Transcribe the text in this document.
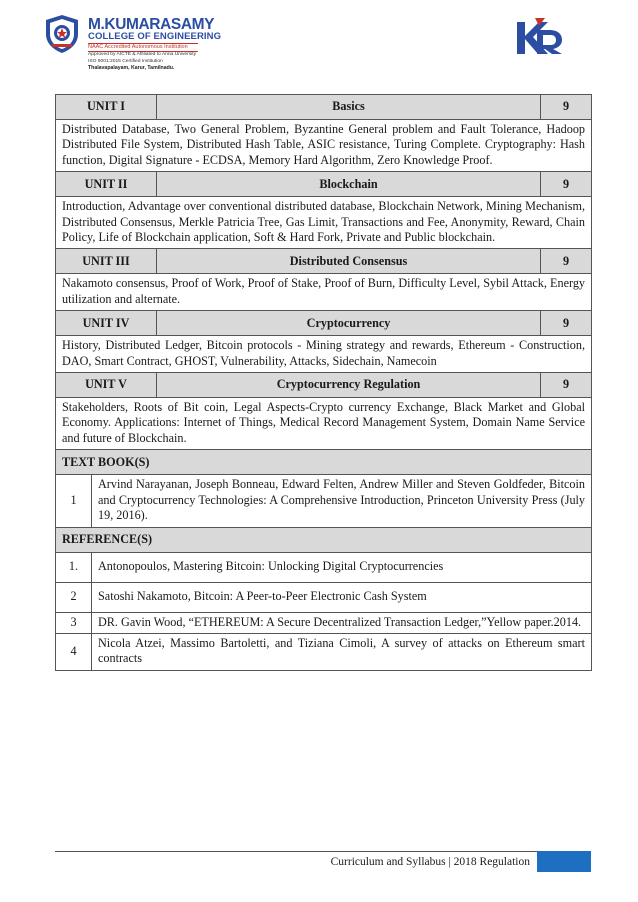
M.KUMARASAMY
COLLEGE OF ENGINEERING
NAAC Accredited Autonomous Institution
Approved by AICTE & Affiliated to Anna University
ISO 9001:2015 Certified Institution
Thalavapalayam, Karur, Tamilnadu.
UNIT I		Basics	9
Distributed Database, Two General Problem, Byzantine General problem and Fault Tolerance, Hadoop Distributed File System, Distributed Hash Table, ASIC resistance, Turing Complete. Cryptography: Hash function, Digital Signature - ECDSA, Memory Hard Algorithm, Zero Knowledge Proof.			
UNIT II		Blockchain	9
Introduction, Advantage over conventional distributed database, Blockchain Network, Mining Mechanism, Distributed Consensus, Merkle Patricia Tree, Gas Limit, Transactions and Fee, Anonymity, Reward, Chain Policy, Life of Blockchain application, Soft & Hard Fork, Private and Public blockchain.			
UNIT III		Distributed Consensus	9
Nakamoto consensus, Proof of Work, Proof of Stake, Proof of Burn, Difficulty Level, Sybil Attack, Energy utilization and alternate.			
UNIT IV		Cryptocurrency	9
History, Distributed Ledger, Bitcoin protocols - Mining strategy and rewards, Ethereum - Construction, DAO, Smart Contract, GHOST, Vulnerability, Attacks, Sidechain, Namecoin			
UNIT V		Cryptocurrency Regulation	9
Stakeholders, Roots of Bit coin, Legal Aspects-Crypto currency Exchange, Black Market and Global Economy. Applications: Internet of Things, Medical Record Management System, Domain Name Service and future of Blockchain.			
TEXT BOOK(S)			
1	Arvind Narayanan, Joseph Bonneau, Edward Felten, Andrew Miller and Steven Goldfeder, Bitcoin and Cryptocurrency Technologies: A Comprehensive Introduction, Princeton University Press (July 19, 2016).		
REFERENCE(S)			
1.	Antonopoulos, Mastering Bitcoin: Unlocking Digital Cryptocurrencies		
2	Satoshi Nakamoto, Bitcoin: A Peer-to-Peer Electronic Cash System		
3	DR. Gavin Wood, “ETHEREUM: A Secure Decentralized Transaction Ledger,”Yellow paper.2014.		
4	Nicola Atzei, Massimo Bartoletti, and Tiziana Cimoli, A survey of attacks on Ethereum smart contracts		
Curriculum and Syllabus | 2018 Regulation
